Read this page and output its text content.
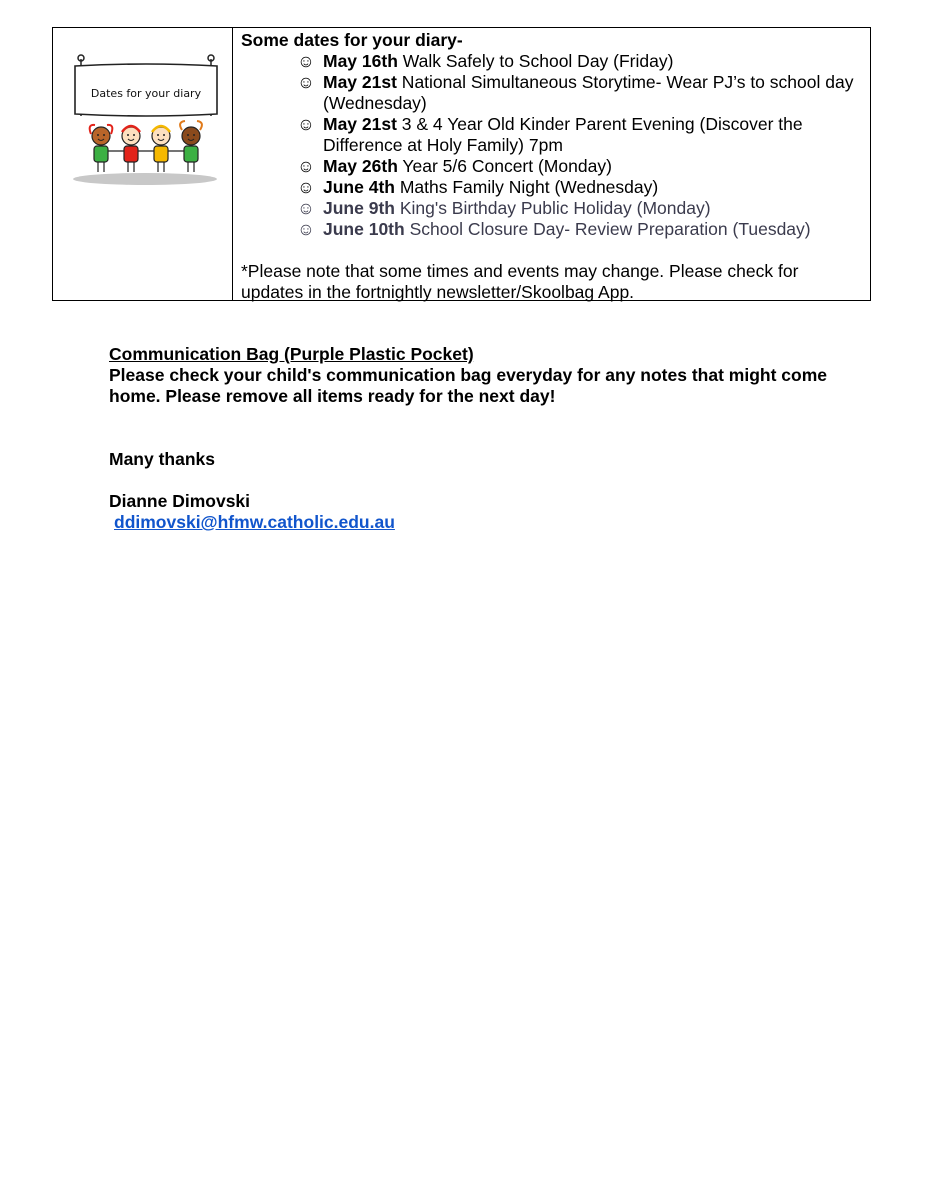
Dates for your diary
Some dates for your diary-
☺ May 16th Walk Safely to School Day (Friday)
☺ May 21st National Simultaneous Storytime- Wear PJ’s to school day (Wednesday)
☺ May 21st 3 & 4 Year Old Kinder Parent Evening (Discover the Difference at Holy Family) 7pm
☺ May 26th Year 5/6 Concert (Monday)
☺ June 4th Maths Family Night (Wednesday)
☺ June 9th King's Birthday Public Holiday (Monday)
☺ June 10th School Closure Day- Review Preparation (Tuesday)
*Please note that some times and events may change. Please check for updates in the fortnightly newsletter/Skoolbag App.
Communication Bag (Purple Plastic Pocket)
Please check your child's communication bag everyday for any notes that might come home. Please remove all items ready for the next day!
Many thanks
Dianne Dimovski
ddimovski@hfmw.catholic.edu.au
